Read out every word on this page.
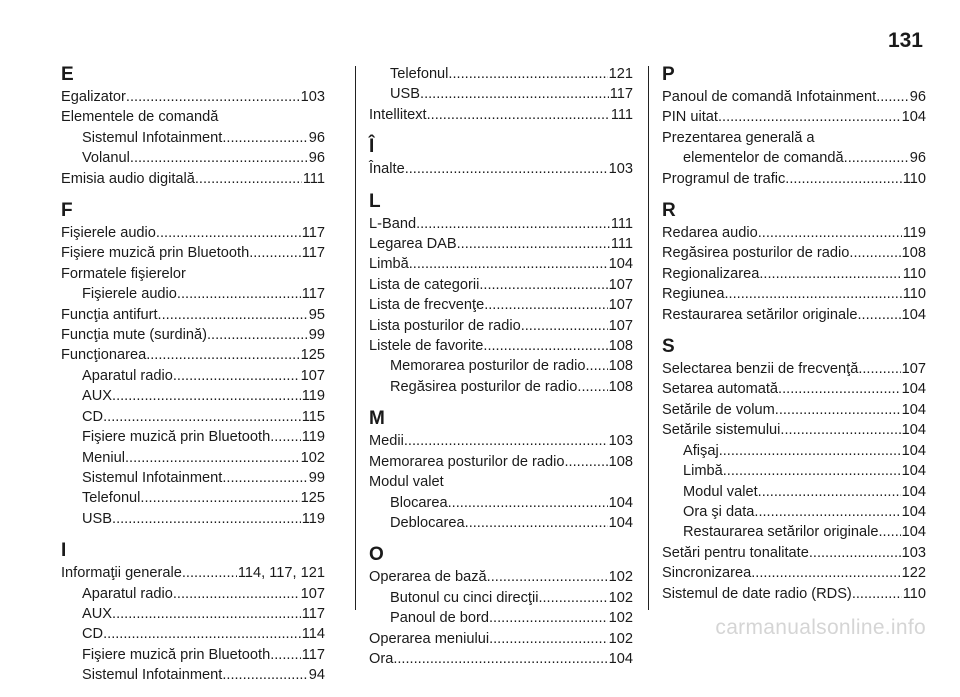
131
E
Egalizator .....	103
Elementele de comandă
Sistemul Infotainment .....	96
Volanul .....	96
Emisia audio digitală .....	111
F
Fişierele audio .....	117
Fişiere muzică prin Bluetooth .....	117
Formatele fişierelor
Fişierele audio .....	117
Funcţia antifurt .....	95
Funcţia mute (surdină) .....	99
Funcţionarea .....	125
Aparatul radio .....	107
AUX .....	119
CD .....	115
Fişiere muzică prin Bluetooth ..... 119
Meniul .....	102
Sistemul Infotainment .....	99
Telefonul .....	125
USB .....	119
I
Informaţii generale .....	114, 117, 121
Aparatul radio .....	107
AUX .....	117
CD .....	114
Fişiere muzică prin Bluetooth ..... 117
Sistemul Infotainment .....	94
Telefonul .....	121
USB .....	117
Intellitext .....	111
Î
Înalte .....	103
L
L-Band .....	111
Legarea DAB .....	111
Limbă .....	104
Lista de categorii .....	107
Lista de frecvenţe .....	107
Lista posturilor de radio .....	107
Listele de favorite .....	108
Memorarea posturilor de radio ..... 108
Regăsirea posturilor de radio ..... 108
M
Medii .....	103
Memorarea posturilor de radio .....	108
Modul valet
Blocarea .....	104
Deblocarea .....	104
O
Operarea de bază .....	102
Butonul cu cinci direcţii .....	102
Panoul de bord .....	102
Operarea meniului .....	102
Ora .....	104
P
Panoul de comandă Infotainment ..... 96
PIN uitat .....	104
Prezentarea generală a
elementelor de comandă .....	96
Programul de trafic .....	110
R
Redarea audio .....	119
Regăsirea posturilor de radio .....	108
Regionalizarea .....	110
Regiunea .....	110
Restaurarea setărilor originale .....	104
S
Selectarea benzii de frecvenţă .....	107
Setarea automată .....	104
Setările de volum .....	104
Setările sistemului .....	104
Afişaj .....	104
Limbă .....	104
Modul valet .....	104
Ora şi data .....	104
Restaurarea setărilor originale ..... 104
Setări pentru tonalitate .....	103
Sincronizarea .....	122
Sistemul de date radio (RDS) .....	110
carmanualsonline.info
